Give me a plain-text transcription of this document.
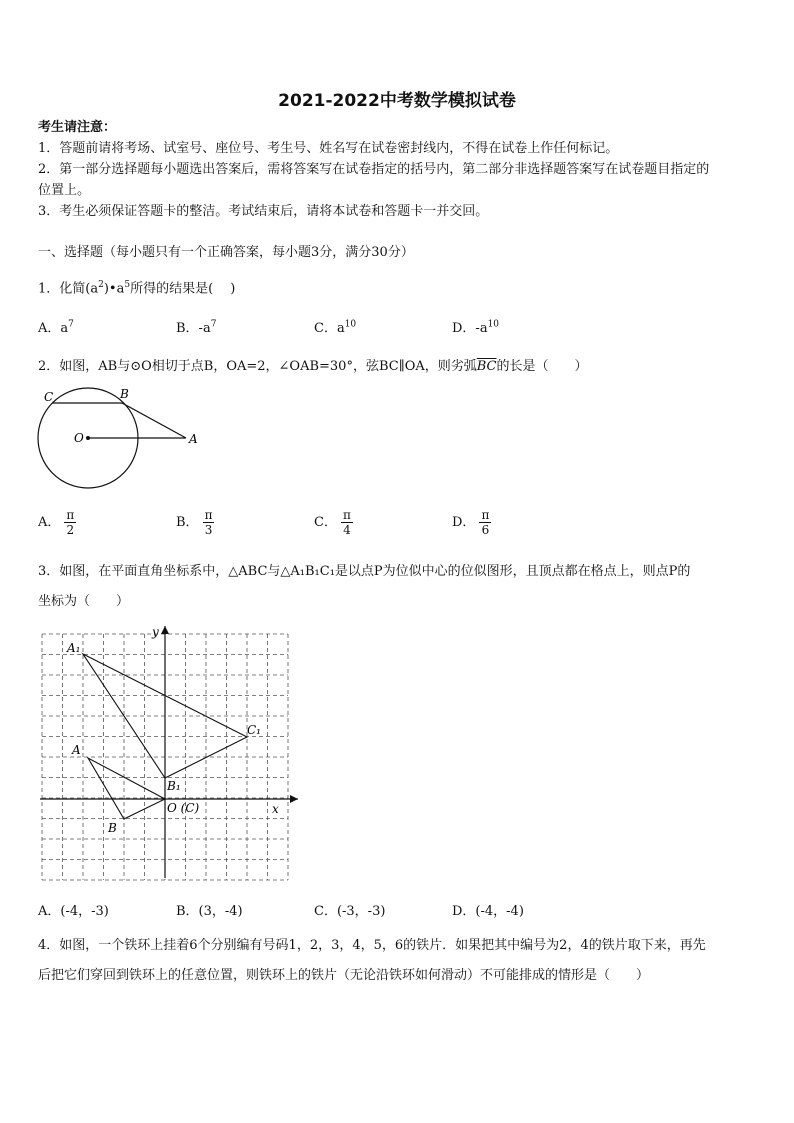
2021-2022中考数学模拟试卷
考生请注意：
1．答题前请将考场、试室号、座位号、考生号、姓名写在试卷密封线内，不得在试卷上作任何标记。
2．第一部分选择题每小题选出答案后，需将答案写在试卷指定的括号内，第二部分非选择题答案写在试卷题目指定的
位置上。
3．考生必须保证答题卡的整洁。考试结束后，请将本试卷和答题卡一并交回。
一、选择题（每小题只有一个正确答案，每小题3分，满分30分）
1．化简$(a^2)•a^5$所得的结果是(　 )
A．$a^7$	B．$-a^7$	C．$a^{10}$	D．$-a^{10}$
2．如图，AB与⊙O相切于点B，OA=2，∠OAB=30°，弦BC∥OA，则劣弧$\overline{BC}$的长是（　　）
C	B
O	A
A． $\frac{\pi}{2}$	B． $\frac{\pi}{3}$	C． $\frac{\pi}{4}$	D． $\frac{\pi}{6}$
3．如图，在平面直角坐标系中，△ABC与△A₁B₁C₁是以点P为位似中心的位似图形，且顶点都在格点上，则点P的
坐标为（　　）
y
x
A₁
C₁
A
B₁
O (C)
B
A．(-4，-3)	B．(3，-4)	C．(-3，-3)	D．(-4，-4)
4．如图，一个铁环上挂着6个分别编有号码1，2，3，4，5，6的铁片．如果把其中编号为2，4的铁片取下来，再先
后把它们穿回到铁环上的任意位置，则铁环上的铁片（无论沿铁环如何滑动）不可能排成的情形是（　　）
